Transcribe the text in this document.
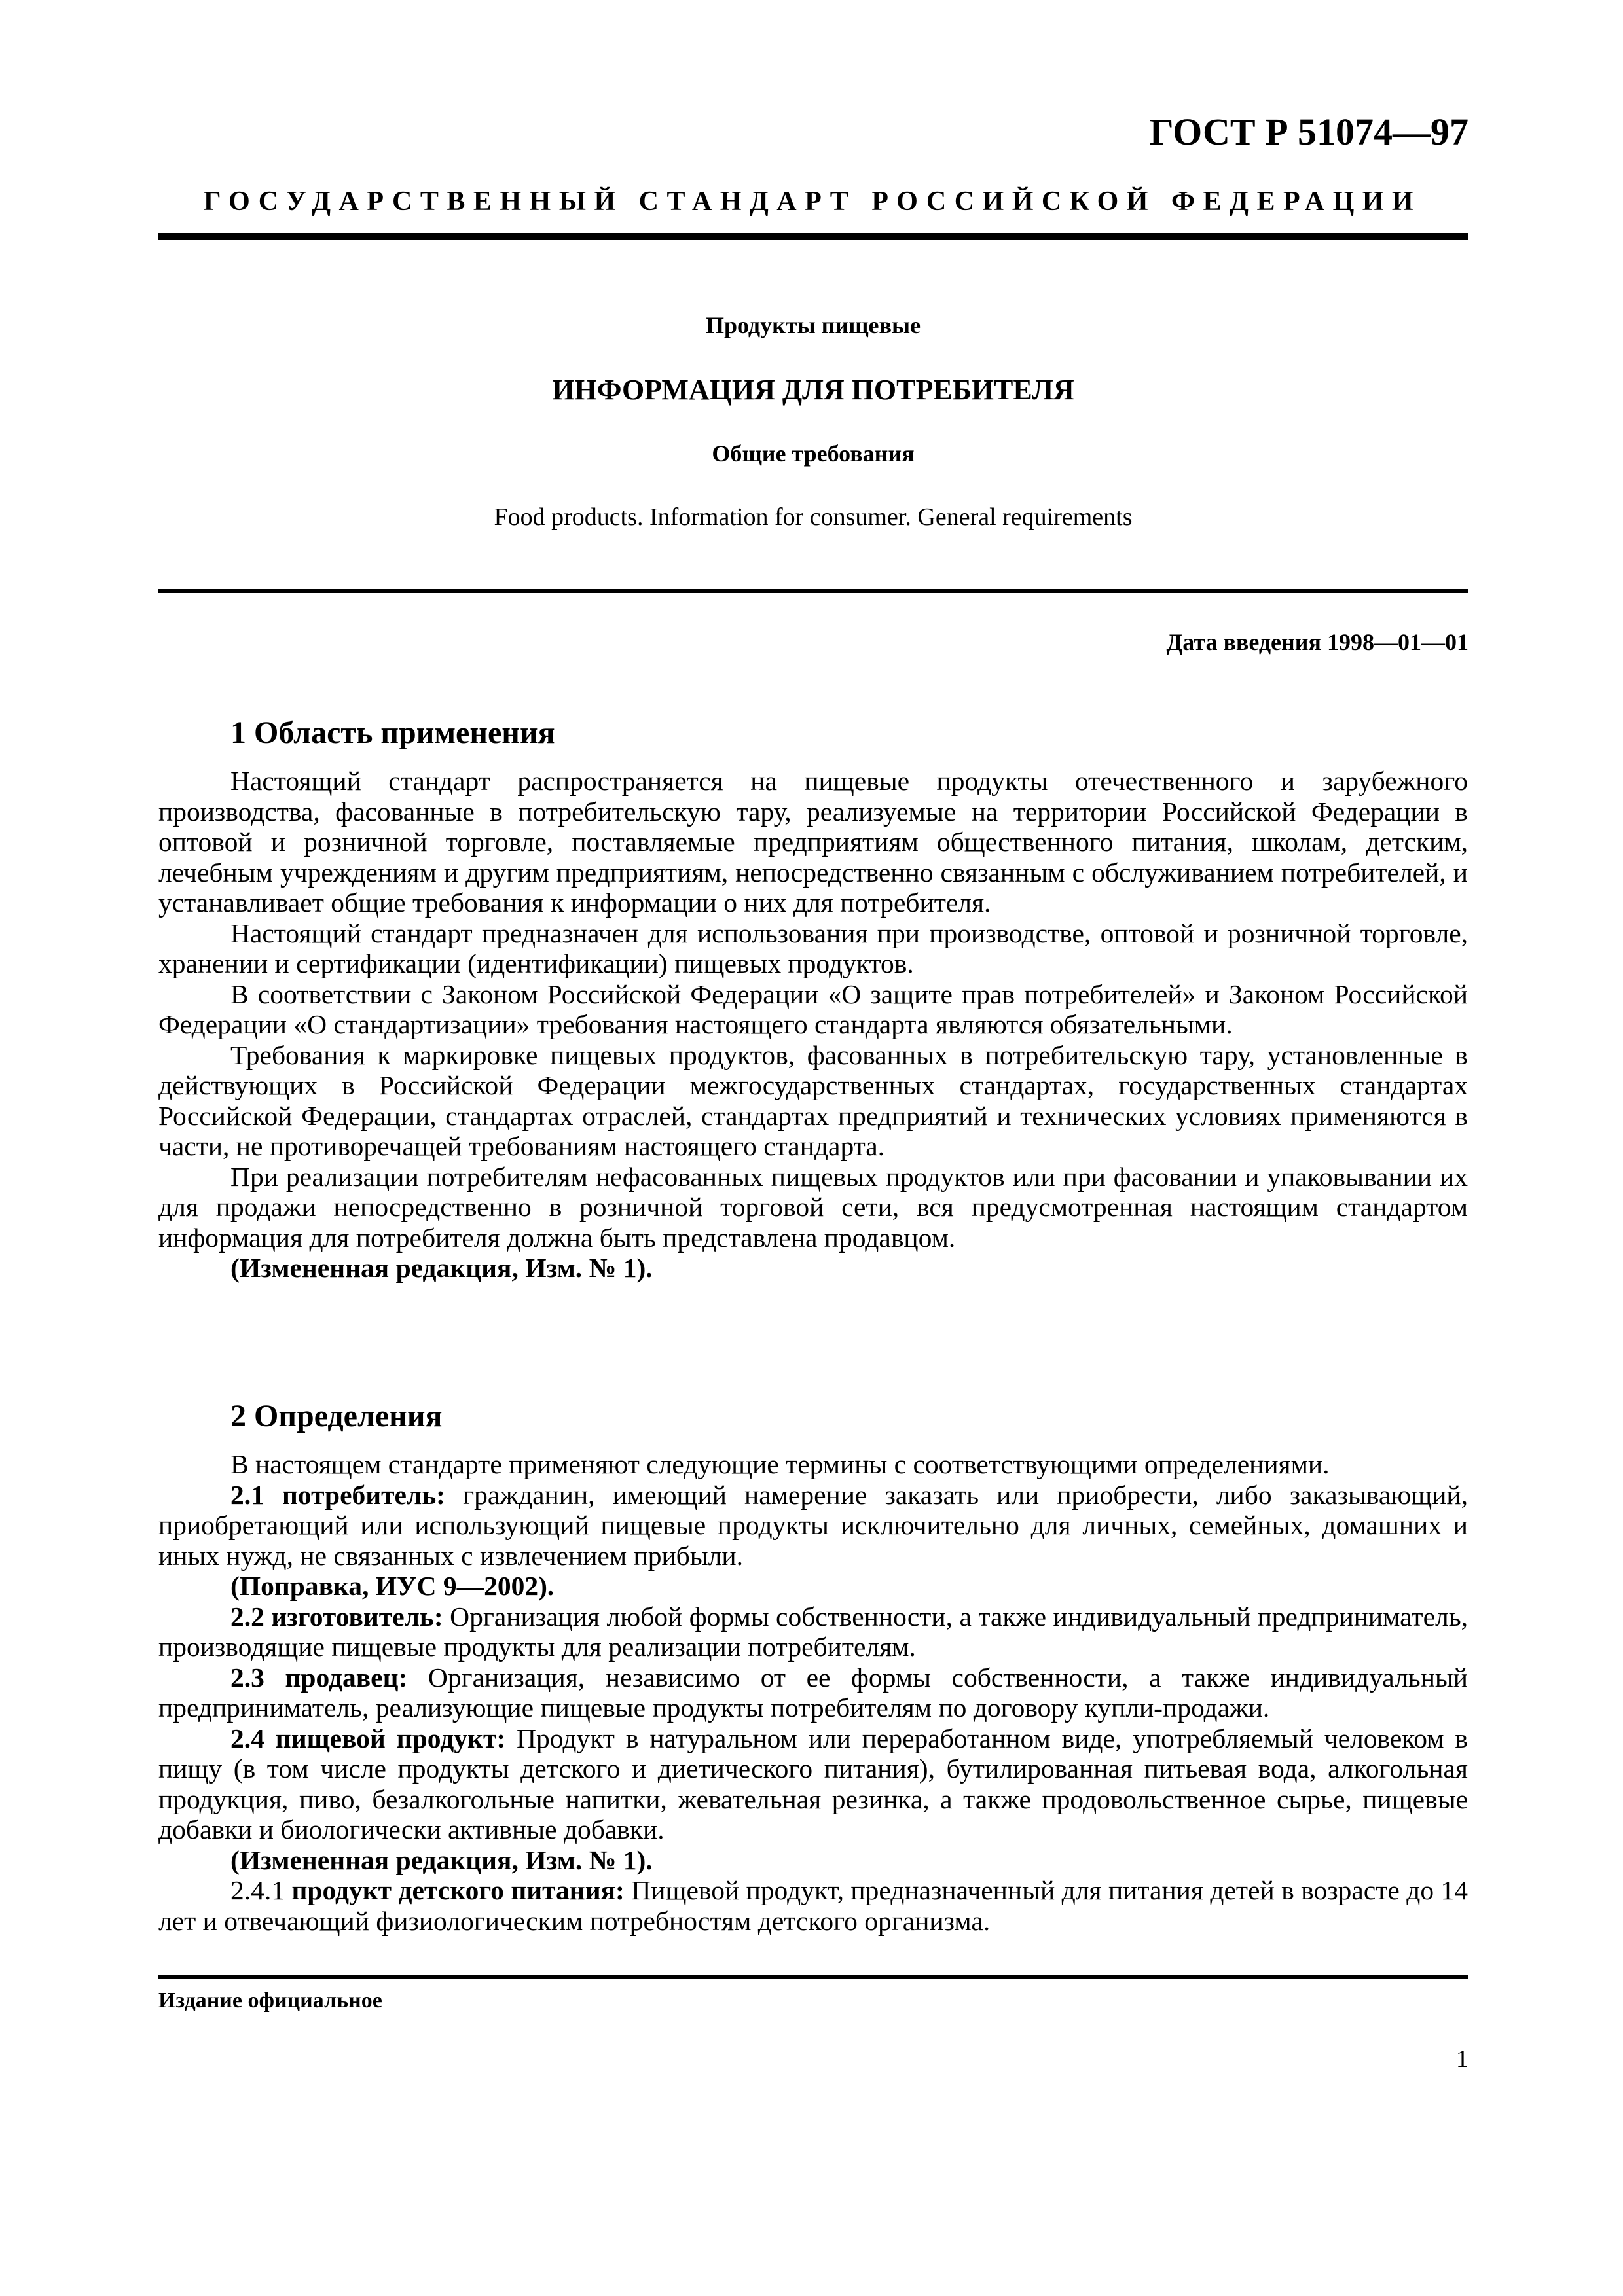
ГОСТ Р 51074—97
ГОСУДАРСТВЕННЫЙ СТАНДАРТ РОССИЙСКОЙ ФЕДЕРАЦИИ
Продукты пищевые
ИНФОРМАЦИЯ ДЛЯ ПОТРЕБИТЕЛЯ
Общие требования
Food products. Information for consumer. General requirements
Дата введения 1998—01—01
1 Область применения

Настоящий стандарт распространяется на пищевые продукты отечественного и зарубежного производства, фасованные в потребительскую тару, реализуемые на территории Российской Федерации в оптовой и розничной торговле, поставляемые предприятиям общественного питания, школам, детским, лечебным учреждениям и другим предприятиям, непосредственно связанным с обслуживанием потребителей, и устанавливает общие требования к информации о них для потребителя.

Настоящий стандарт предназначен для использования при производстве, оптовой и розничной торговле, хранении и сертификации (идентификации) пищевых продуктов.

В соответствии с Законом Российской Федерации «О защите прав потребителей» и Законом Российской Федерации «О стандартизации» требования настоящего стандарта являются обязательными.

Требования к маркировке пищевых продуктов, фасованных в потребительскую тару, установленные в действующих в Российской Федерации межгосударственных стандартах, государственных стандартах Российской Федерации, стандартах отраслей, стандартах предприятий и технических условиях применяются в части, не противоречащей требованиям настоящего стандарта.

При реализации потребителям нефасованных пищевых продуктов или при фасовании и упаковывании их для продажи непосредственно в розничной торговой сети, вся предусмотренная настоящим стандартом информация для потребителя должна быть представлена продавцом.

(Измененная редакция, Изм. № 1).

2 Определения

В настоящем стандарте применяют следующие термины с соответствующими определениями.

2.1 потребитель: гражданин, имеющий намерение заказать или приобрести, либо заказывающий, приобретающий или использующий пищевые продукты исключительно для личных, семейных, домашних и иных нужд, не связанных с извлечением прибыли.

(Поправка, ИУС 9—2002).

2.2 изготовитель: Организация любой формы собственности, а также индивидуальный предприниматель, производящие пищевые продукты для реализации потребителям.

2.3 продавец: Организация, независимо от ее формы собственности, а также индивидуальный предприниматель, реализующие пищевые продукты потребителям по договору купли-продажи.

2.4 пищевой продукт: Продукт в натуральном или переработанном виде, употребляемый человеком в пищу (в том числе продукты детского и диетического питания), бутилированная питьевая вода, алкогольная продукция, пиво, безалкогольные напитки, жевательная резинка, а также продовольственное сырье, пищевые добавки и биологически активные добавки.

(Измененная редакция, Изм. № 1).

2.4.1 продукт детского питания: Пищевой продукт, предназначенный для питания детей в возрасте до 14 лет и отвечающий физиологическим потребностям детского организма.

Издание официальное
1
